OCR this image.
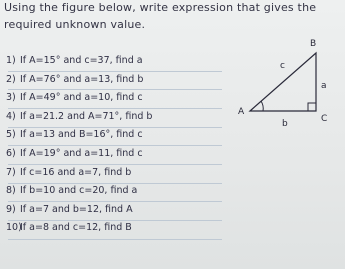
Using the figure below, write expression that gives the
required unknown value.
1) If A=15° and c=37, find a
2) If A=76° and a=13, find b
3) If A=49° and a=10, find c
4) If a=21.2 and A=71°, find b
5) If a=13 and B=16°, find c
6) If A=19° and a=11, find c
7) If c=16 and a=7, find b
8) If b=10 and c=20, find a
9) If a=7 and b=12, find A
10)If a=8 and c=12, find B
B
A
C
c
a
b
